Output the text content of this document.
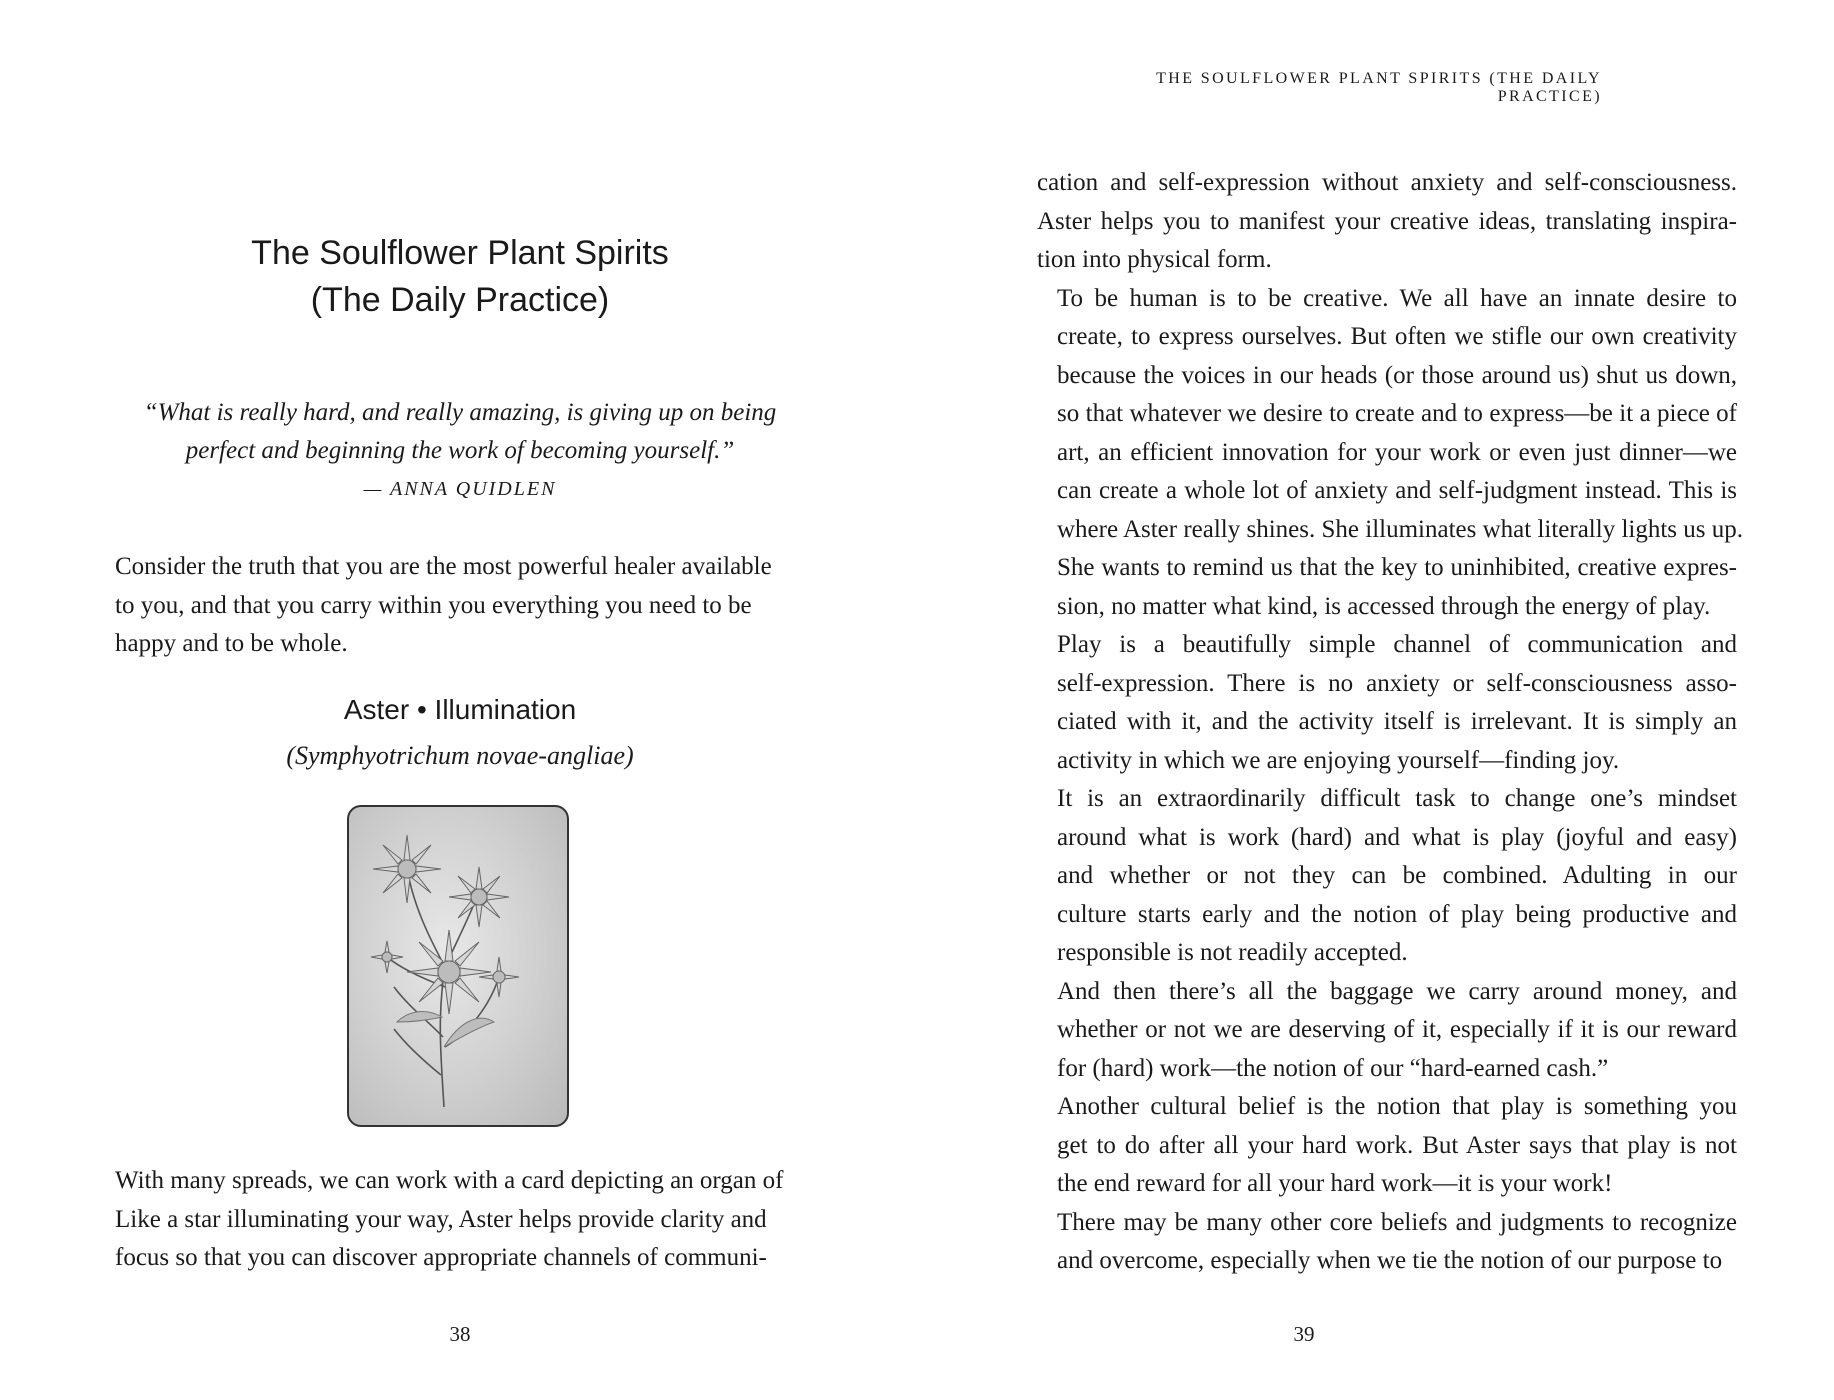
The Soulflower Plant Spirits
(The Daily Practice)
“What is really hard, and really amazing, is giving up on being
perfect and beginning the work of becoming yourself.”
— ANNA QUIDLEN
Consider the truth that you are the most powerful healer available
to you, and that you carry within you everything you need to be
happy and to be whole.
Aster • Illumination
(Symphyotrichum novae-angliae)
With many spreads, we can work with a card depicting an organ of
Like a star illuminating your way, Aster helps provide clarity and
focus so that you can discover appropriate channels of communi-
38
THE SOULFLOWER PLANT SPIRITS (THE DAILY PRACTICE)

cation and self-expression without anxiety and self-consciousness.
Aster helps you to manifest your creative ideas, translating inspira-
tion into physical form.

To be human is to be creative. We all have an innate desire to
create, to express ourselves. But often we stifle our own creativity
because the voices in our heads (or those around us) shut us down,
so that whatever we desire to create and to express—be it a piece of
art, an efficient innovation for your work or even just dinner—we
can create a whole lot of anxiety and self-judgment instead. This is
where Aster really shines. She illuminates what literally lights us up.
She wants to remind us that the key to uninhibited, creative expres-
sion, no matter what kind, is accessed through the energy of play.

Play is a beautifully simple channel of communication and
self-expression. There is no anxiety or self-consciousness asso-
ciated with it, and the activity itself is irrelevant. It is simply an
activity in which we are enjoying yourself—finding joy.

It is an extraordinarily difficult task to change one’s mindset
around what is work (hard) and what is play (joyful and easy)
and whether or not they can be combined. Adulting in our
culture starts early and the notion of play being productive and
responsible is not readily accepted.

And then there’s all the baggage we carry around money, and
whether or not we are deserving of it, especially if it is our reward
for (hard) work—the notion of our “hard-earned cash.”

Another cultural belief is the notion that play is something you
get to do after all your hard work. But Aster says that play is not
the end reward for all your hard work—it is your work!

There may be many other core beliefs and judgments to recognize
and overcome, especially when we tie the notion of our purpose to

39
